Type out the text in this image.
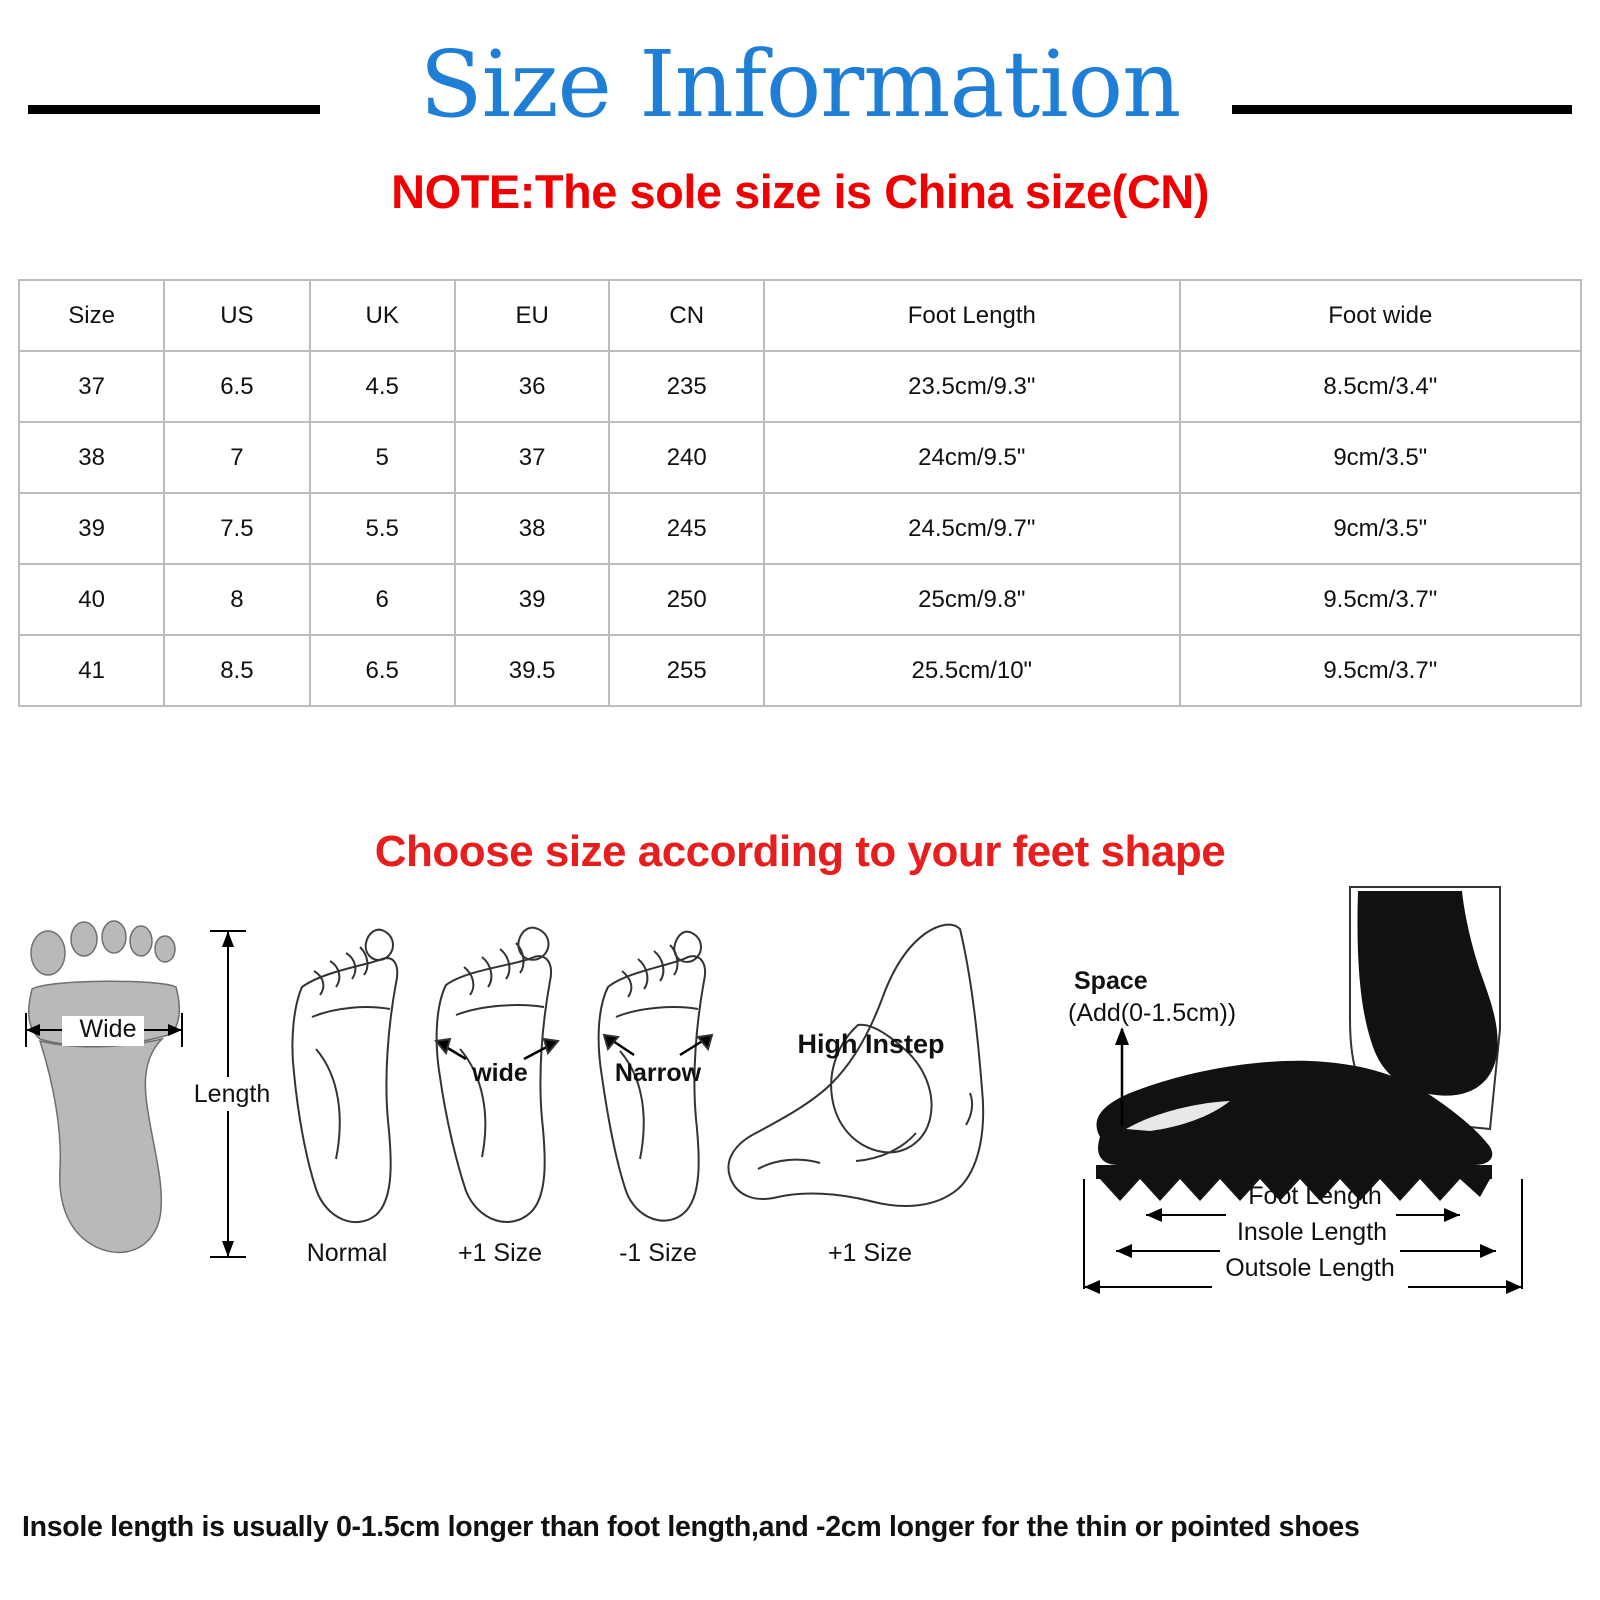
Size Information
NOTE:The sole size is China size(CN)
Size	US	UK	EU	CN	Foot Length	Foot wide
37	6.5	4.5	36	235	23.5cm/9.3"	8.5cm/3.4"
38	7	5	37	240	24cm/9.5"	9cm/3.5"
39	7.5	5.5	38	245	24.5cm/9.7"	9cm/3.5"
40	8	6	39	250	25cm/9.8"	9.5cm/3.7"
41	8.5	6.5	39.5	255	25.5cm/10"	9.5cm/3.7"
Choose size according to your feet shape
Wide
Length
Normal
wide
+1 Size
Narrow
-1 Size
High Instep
+1 Size
Space
(Add(0-1.5cm))
Foot Length
Insole Length
Outsole Length
Insole length is usually 0-1.5cm longer than foot length,and -2cm longer for the thin or pointed shoes
